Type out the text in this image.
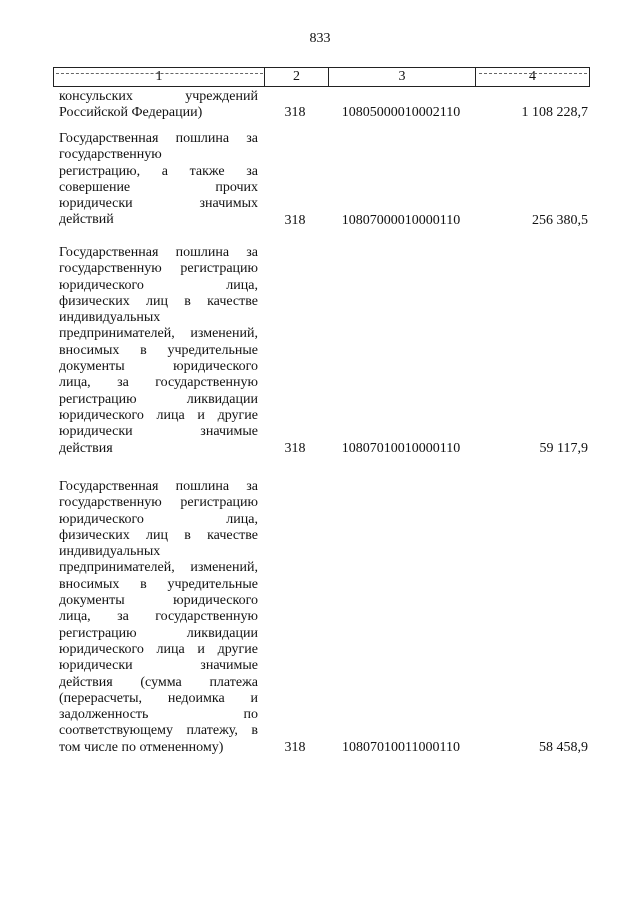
833
1	2	3	4
консульских учреждений
Российской Федерации)	318	10805000010002110	1 108 228,7
Государственная пошлина за
государственную
регистрацию, а также за
совершение прочих
юридически значимых
действий	318	10807000010000110	256 380,5
Государственная пошлина за
государственную регистрацию
юридического лица,
физических лиц в качестве
индивидуальных
предпринимателей, изменений,
вносимых в учредительные
документы юридического
лица, за государственную
регистрацию ликвидации
юридического лица и другие
юридически значимые
действия	318	10807010010000110	59 117,9
Государственная пошлина за
государственную регистрацию
юридического лица,
физических лиц в качестве
индивидуальных
предпринимателей, изменений,
вносимых в учредительные
документы юридического
лица, за государственную
регистрацию ликвидации
юридического лица и другие
юридически значимые
действия (сумма платежа
(перерасчеты, недоимка и
задолженность по
соответствующему платежу, в
том числе по отмененному)	318	10807010011000110	58 458,9
